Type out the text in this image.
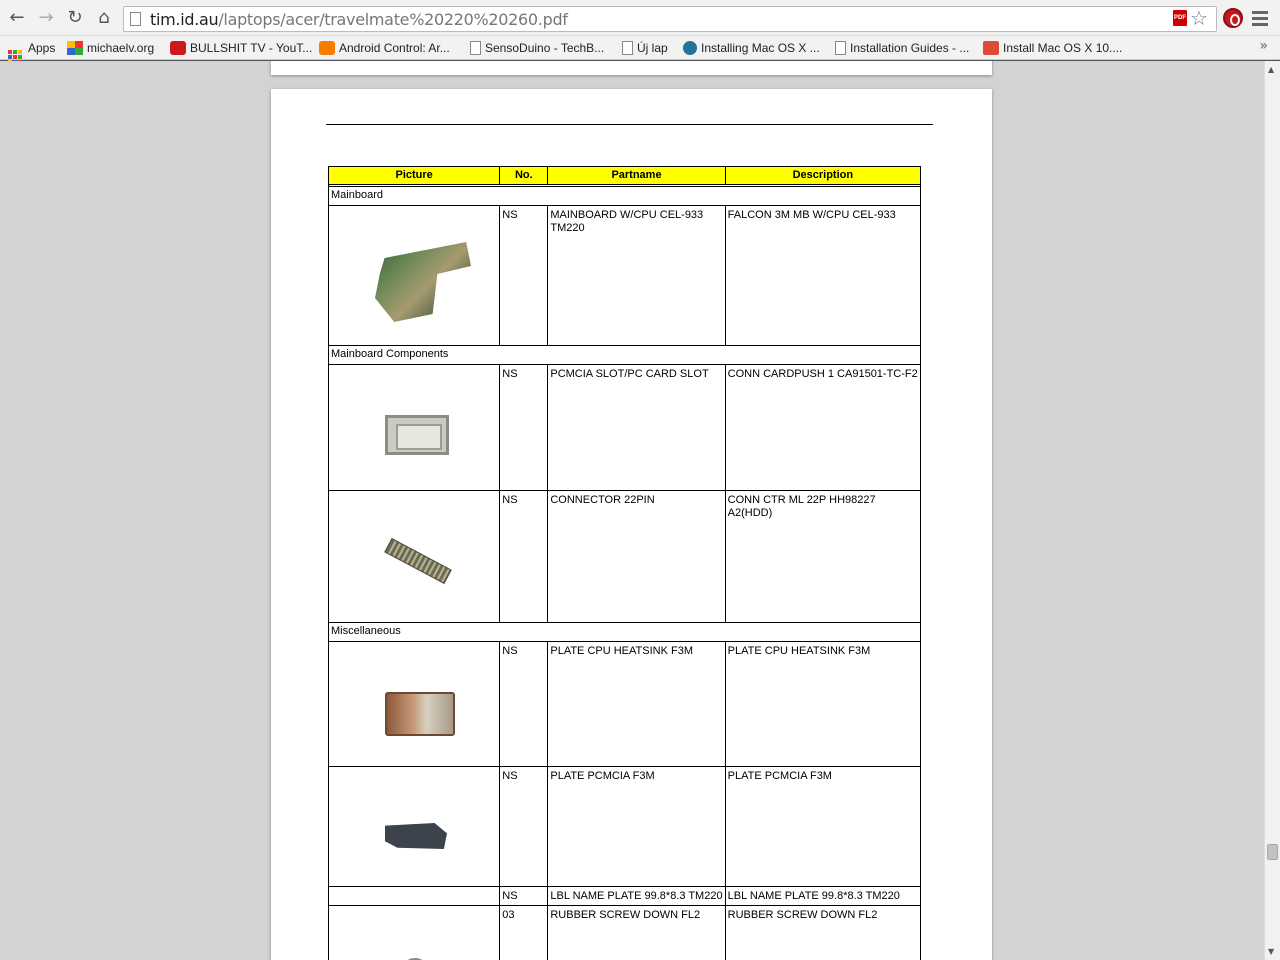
← → ↻ ⌂	tim.id.au/laptops/acer/travelmate%20220%20260.pdf	PDF ☆
Apps	michaelv.org	BULLSHIT TV - YouT...	Android Control: Ar...	SensoDuino - TechB...	Új lap	Installing Mac OS X ...	Installation Guides - ...	Install Mac OS X 10....	»
Picture	No.	Partname	Description

Mainboard			

	NS	MAINBOARD W/CPU CEL-933 TM220	FALCON 3M MB W/CPU CEL-933
Mainboard Components			

	NS	PCMCIA SLOT/PC CARD SLOT	CONN CARDPUSH 1 CA91501-TC-F2

	NS	CONNECTOR 22PIN	CONN CTR ML 22P HH98227 A2(HDD)
Miscellaneous			

	NS	PLATE CPU HEATSINK F3M	PLATE CPU HEATSINK F3M

	NS	PLATE PCMCIA F3M	PLATE PCMCIA F3M
	NS	LBL NAME PLATE 99.8*8.3 TM220	LBL NAME PLATE 99.8*8.3 TM220

	03	RUBBER SCREW DOWN FL2	RUBBER SCREW DOWN FL2
▲
▼
